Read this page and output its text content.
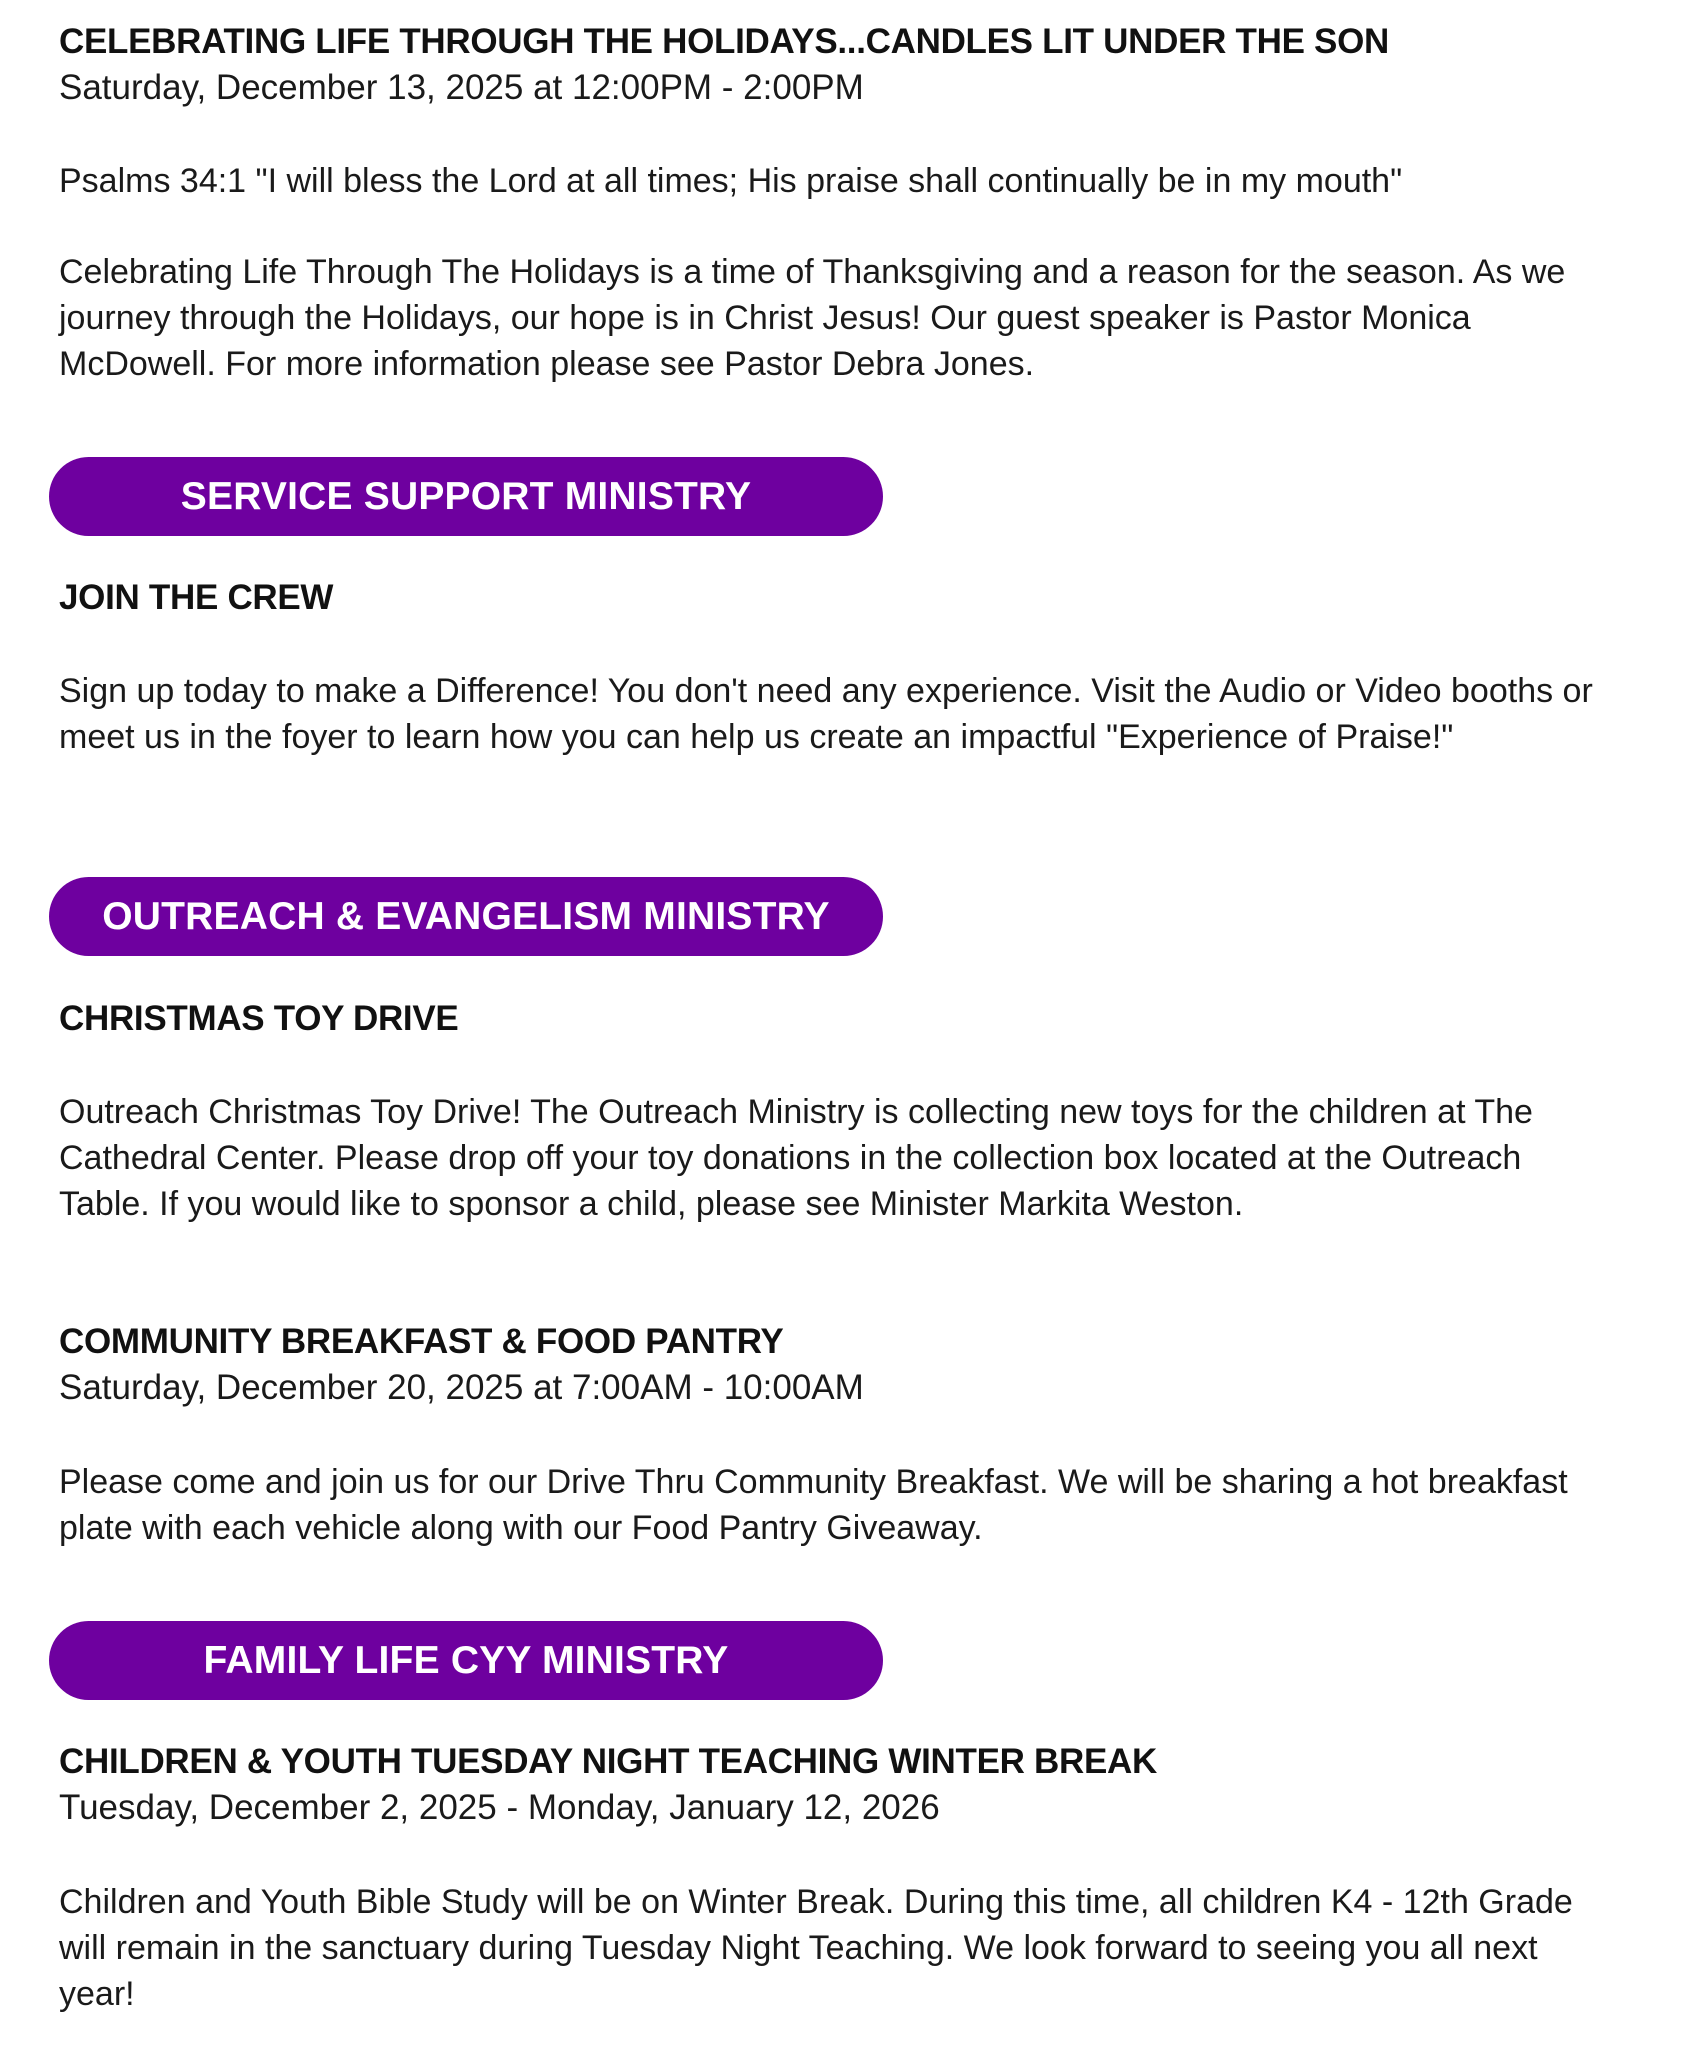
CELEBRATING LIFE THROUGH THE HOLIDAYS...CANDLES LIT UNDER THE SON

Saturday, December 13, 2025 at 12:00PM - 2:00PM

Psalms 34:1 "I will bless the Lord at all times; His praise shall continually be in my mouth"

Celebrating Life Through The Holidays is a time of Thanksgiving and a reason for the season. As we journey through the Holidays, our hope is in Christ Jesus! Our guest speaker is Pastor Monica McDowell. For more information please see Pastor Debra Jones.

SERVICE SUPPORT MINISTRY

JOIN THE CREW

Sign up today to make a Difference! You don't need any experience. Visit the Audio or Video booths or meet us in the foyer to learn how you can help us create an impactful "Experience of Praise!"

OUTREACH & EVANGELISM MINISTRY

CHRISTMAS TOY DRIVE

Outreach Christmas Toy Drive! The Outreach Ministry is collecting new toys for the children at The Cathedral Center. Please drop off your toy donations in the collection box located at the Outreach Table. If you would like to sponsor a child, please see Minister Markita Weston.

COMMUNITY BREAKFAST & FOOD PANTRY

Saturday, December 20, 2025 at 7:00AM - 10:00AM

Please come and join us for our Drive Thru Community Breakfast. We will be sharing a hot breakfast plate with each vehicle along with our Food Pantry Giveaway.

FAMILY LIFE CYY MINISTRY

CHILDREN & YOUTH TUESDAY NIGHT TEACHING WINTER BREAK

Tuesday, December 2, 2025 - Monday, January 12, 2026

Children and Youth Bible Study will be on Winter Break. During this time, all children K4 - 12th Grade will remain in the sanctuary during Tuesday Night Teaching. We look forward to seeing you all next year!
